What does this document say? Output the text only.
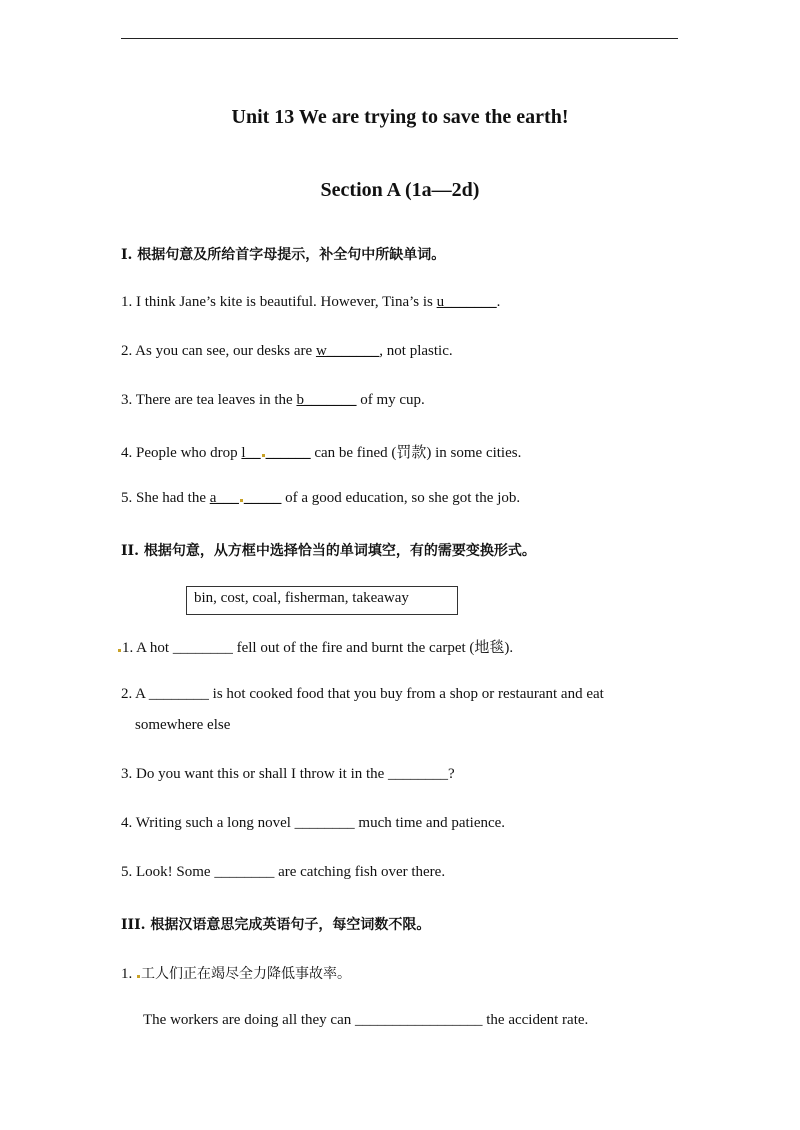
Unit 13 We are trying to save the earth!
Section A (1a—2d)
I. 根据句意及所给首字母提示，补全句中所缺单词。
1. I think Jane’s kite is beautiful. However, Tina’s is u_______.
2. As you can see, our desks are w_______, not plastic.
3. There are tea leaves in the b_______ of my cup.
4. People who drop l__ ______ can be fined (罚款) in some cities.
5. She had the a___ _____ of a good education, so she got the job.
II. 根据句意，从方框中选择恰当的单词填空，有的需要变换形式。
bin, cost, coal, fisherman, takeaway
1. A hot ________ fell out of the fire and burnt the carpet (地毯).
2. A ________ is hot cooked food that you buy from a shop or restaurant and eat
somewhere else
3. Do you want this or shall I throw it in the ________?
4. Writing such a long novel ________ much time and patience.
5. Look! Some ________ are catching fish over there.
III. 根据汉语意思完成英语句子，每空词数不限。
1. 工人们正在竭尽全力降低事故率。
The workers are doing all they can _________________ the accident rate.
